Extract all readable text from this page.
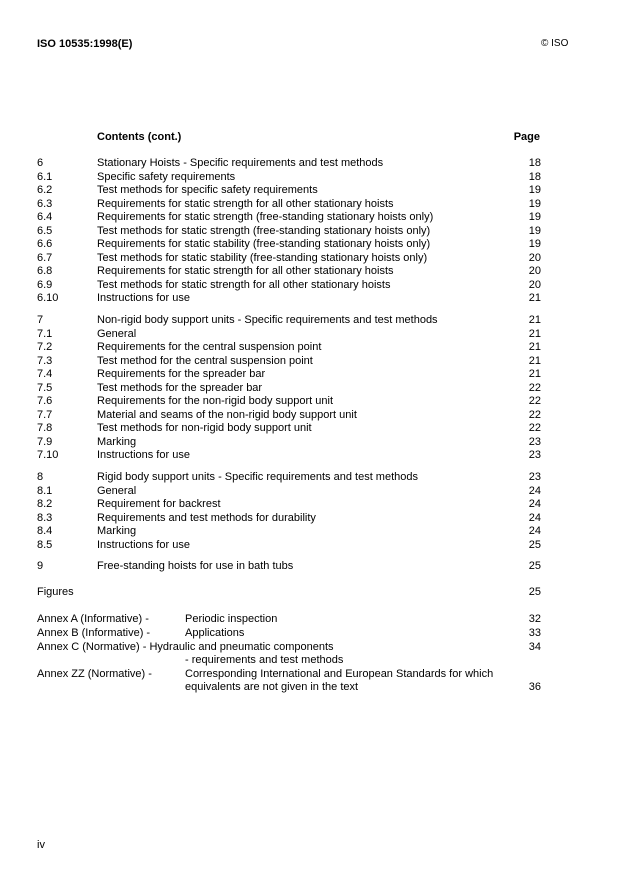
ISO 10535:1998(E)	© ISO
Contents (cont.)	Page
6	Stationary Hoists - Specific requirements and test methods	18
6.1	Specific safety requirements	18
6.2	Test methods for specific safety requirements	19
6.3	Requirements for static strength for all other stationary hoists	19
6.4	Requirements for static strength (free-standing stationary hoists only)	19
6.5	Test methods for static strength (free-standing stationary hoists only)	19
6.6	Requirements for static stability (free-standing stationary hoists only)	19
6.7	Test methods for static stability (free-standing stationary hoists only)	20
6.8	Requirements for static strength for all other stationary hoists	20
6.9	Test methods for static strength for all other stationary hoists	20
6.10	Instructions for use	21
7	Non-rigid body support units - Specific requirements and test methods	21
7.1	General	21
7.2	Requirements for the central suspension point	21
7.3	Test method for the central suspension point	21
7.4	Requirements for the spreader bar	21
7.5	Test methods for the spreader bar	22
7.6	Requirements for the non-rigid body support unit	22
7.7	Material and seams of the non-rigid body support unit	22
7.8	Test methods for non-rigid body support unit	22
7.9	Marking	23
7.10	Instructions for use	23
8	Rigid body support units - Specific requirements and test methods	23
8.1	General	24
8.2	Requirement for backrest	24
8.3	Requirements and test methods for durability	24
8.4	Marking	24
8.5	Instructions for use	25
9	Free-standing hoists for use in bath tubs	25
Figures	25
Annex A (Informative) -	Periodic inspection	32
Annex B (Informative) -	Applications	33
Annex C (Normative) - Hydraulic and pneumatic components	34
- requirements and test methods
Annex ZZ (Normative) -	Corresponding International and European Standards for which
equivalents are not given in the text	36
iv
